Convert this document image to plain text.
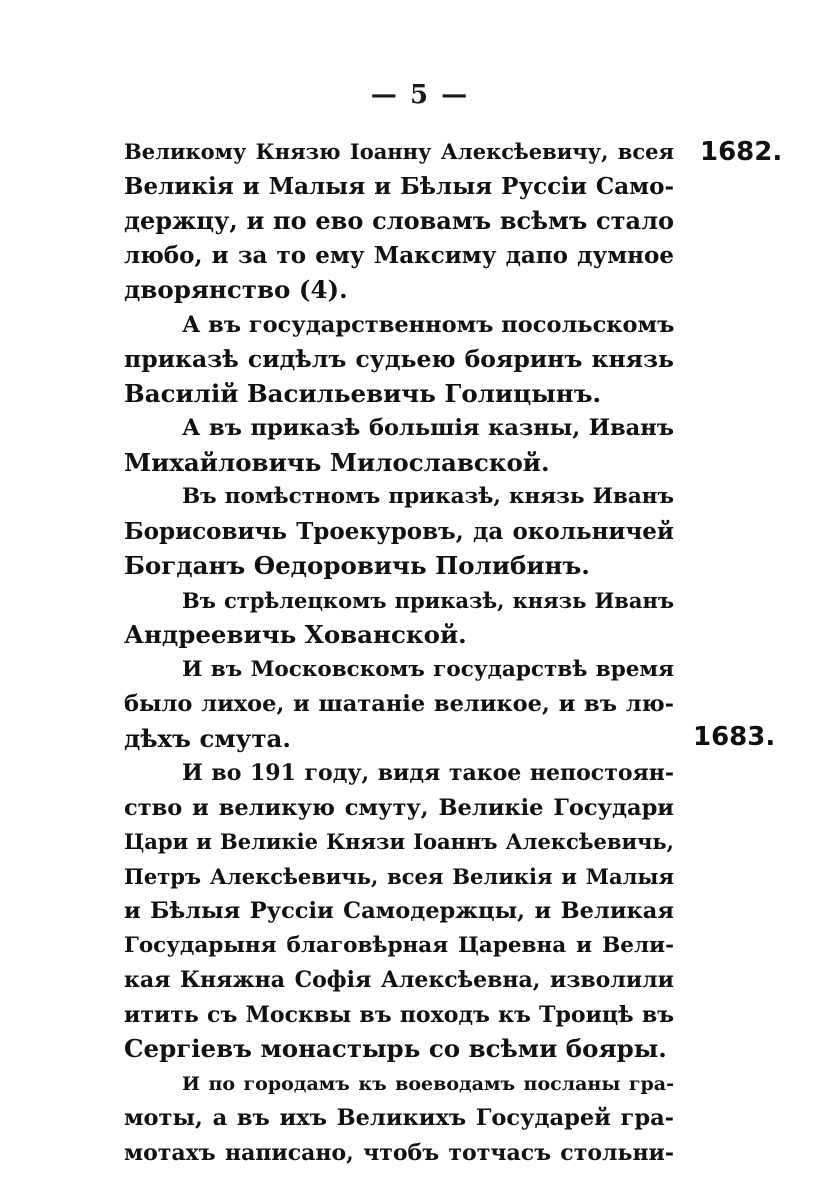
— 5 —
1682.
1683.
Великому Князю Іоанну Алексѣевичу, всея
Великія и Малыя и Бѣлыя Руссіи Само-
держцу, и по ево словамъ всѣмъ стало
любо, и за то ему Максиму дапо думное
дворянство (4).
А въ государственномъ посольскомъ
приказѣ сидѣлъ судьею бояринъ князь
Василій Васильевичь Голицынъ.
А въ приказѣ большія казны, Иванъ
Михайловичь Милославской.
Въ помѣстномъ приказѣ, князь Иванъ
Борисовичь Троекуровъ, да окольничей
Богданъ Ѳедоровичь Полибинъ.
Въ стрѣлецкомъ приказѣ, князь Иванъ
Андреевичь Хованской.
И въ Московскомъ государствѣ время
было лихое, и шатаніе великое, и въ лю-
дѣхъ смута.
И во 191 году, видя такое непостоян-
ство и великую смуту, Великіе Государи
Цари и Великіе Князи Іоаннъ Алексѣевичь,
Петръ Алексѣевичь, всея Великія и Малыя
и Бѣлыя Руссіи Самодержцы, и Великая
Государыня благовѣрная Царевна и Вели-
кая Княжна Софія Алексѣевна, изволили
итить съ Москвы въ походъ къ Троицѣ въ
Сергіевъ монастырь со всѣми бояры.
И по городамъ къ воеводамъ посланы гра-
моты, а въ ихъ Великихъ Государей гра-
мотахъ написано, чтобъ тотчасъ стольни-
